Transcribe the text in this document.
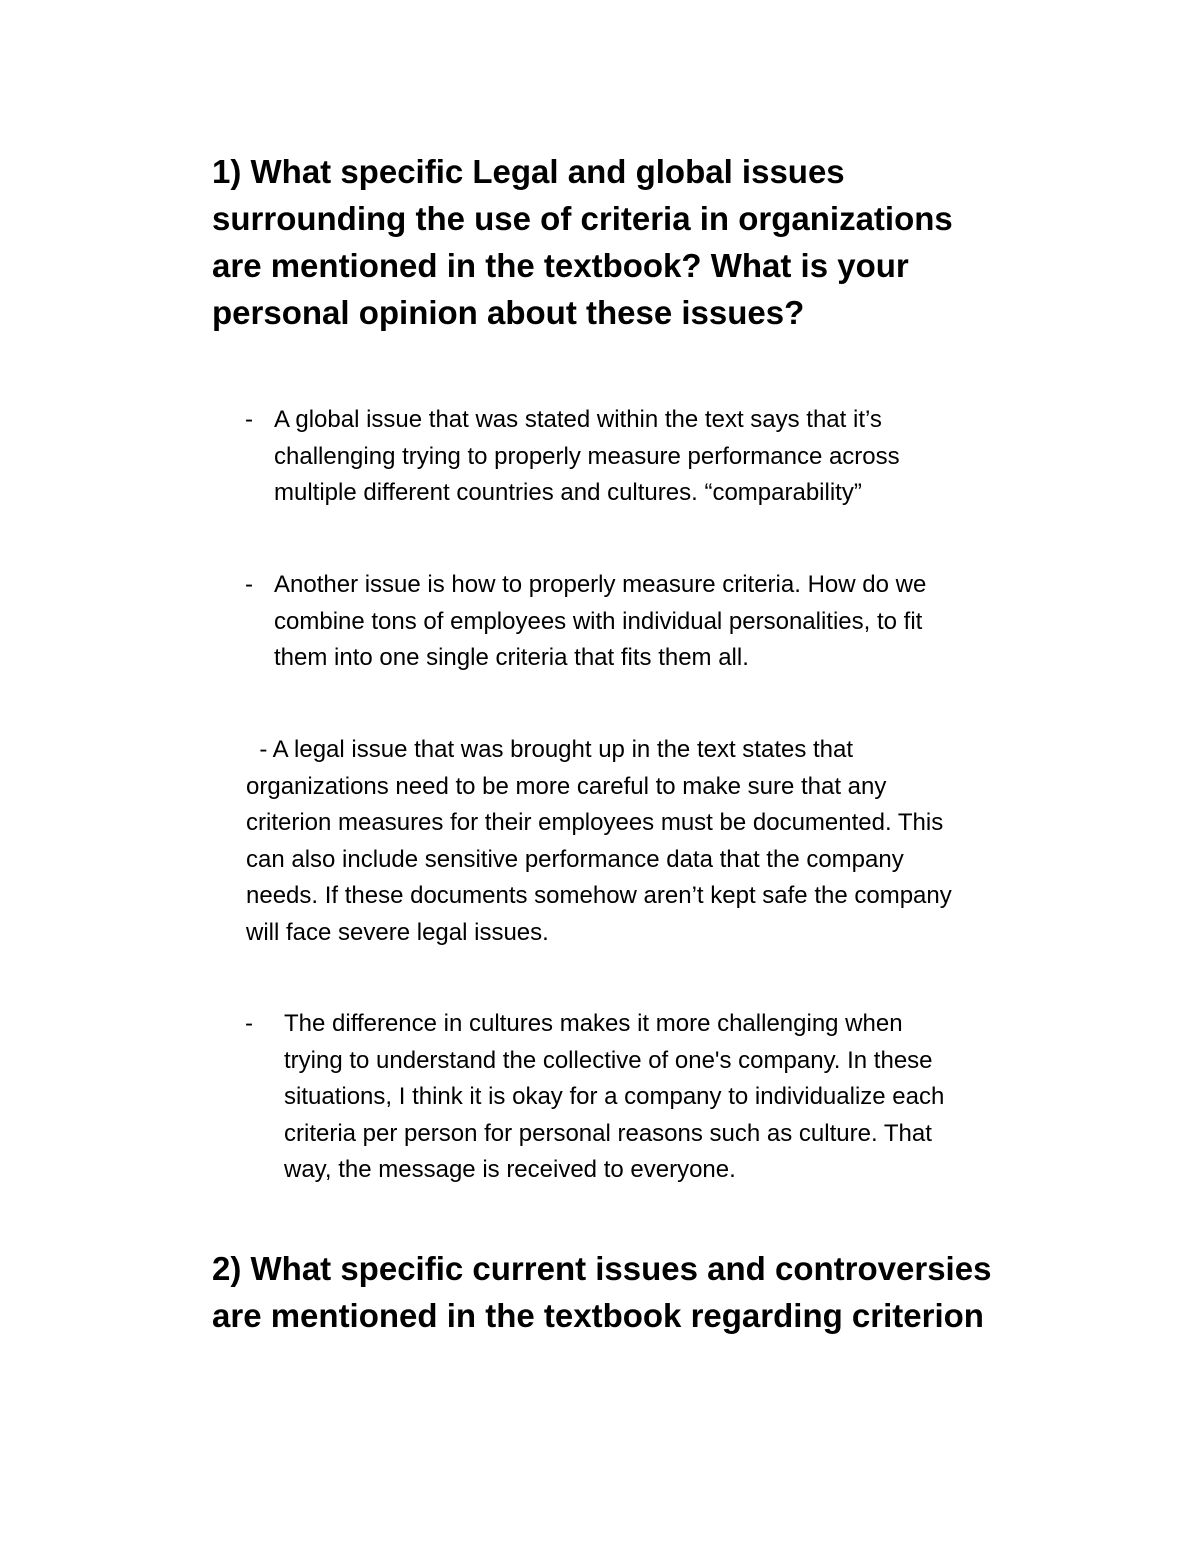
1) What specific Legal and global issues
surrounding the use of criteria in organizations
are mentioned in the textbook? What is your
personal opinion about these issues?
- A global issue that was stated within the text says that it’s
challenging trying to properly measure performance across
multiple different countries and cultures. “comparability”
- Another issue is how to properly measure criteria. How do we
combine tons of employees with individual personalities, to fit
them into one single criteria that fits them all.
- A legal issue that was brought up in the text states that
organizations need to be more careful to make sure that any
criterion measures for their employees must be documented. This
can also include sensitive performance data that the company
needs. If these documents somehow aren’t kept safe the company
will face severe legal issues.
- The difference in cultures makes it more challenging when
trying to understand the collective of one's company. In these
situations, I think it is okay for a company to individualize each
criteria per person for personal reasons such as culture. That
way, the message is received to everyone.
2) What specific current issues and controversies
are mentioned in the textbook regarding criterion
